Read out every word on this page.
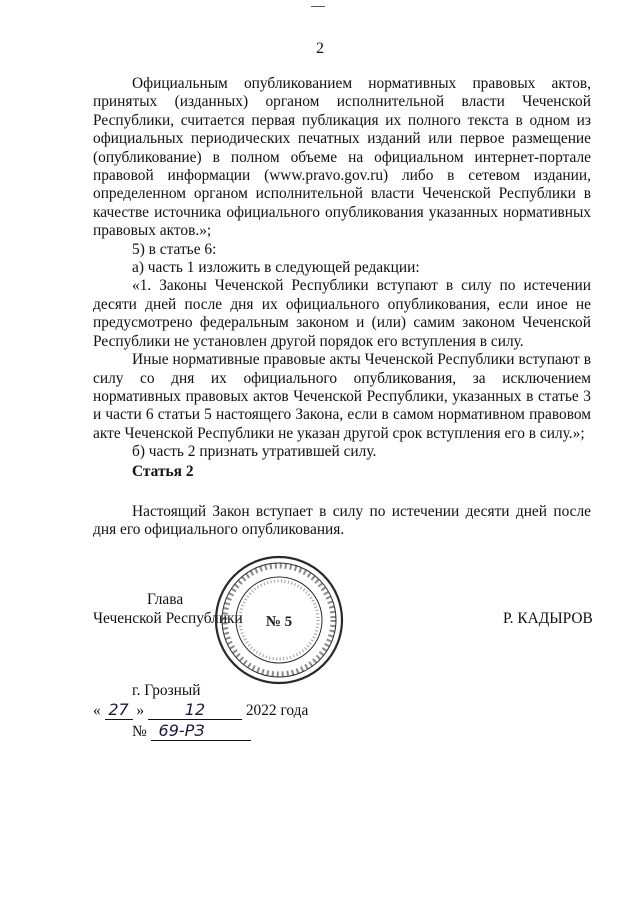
2

Официальным опубликованием нормативных правовых актов, принятых (изданных) органом исполнительной власти Чеченской Республики, считается первая публикация их полного текста в одном из официальных периодических печатных изданий или первое размещение (опубликование) в полном объеме на официальном интернет-портале правовой информации (www.pravo.gov.ru) либо в сетевом издании, определенном органом исполнительной власти Чеченской Республики в качестве источника официального опубликования указанных нормативных правовых актов.»;

5) в статье 6:

а) часть 1 изложить в следующей редакции:

«1. Законы Чеченской Республики вступают в силу по истечении десяти дней после дня их официального опубликования, если иное не предусмотрено федеральным законом и (или) самим законом Чеченской Республики не установлен другой порядок его вступления в силу.

Иные нормативные правовые акты Чеченской Республики вступают в силу со дня их официального опубликования, за исключением нормативных правовых актов Чеченской Республики, указанных в статье 3 и части 6 статьи 5 настоящего Закона, если в самом нормативном правовом акте Чеченской Республики не указан другой срок вступления его в силу.»;

б) часть 2 признать утратившей силу.

Статья 2

Настоящий Закон вступает в силу по истечении десяти дней после дня его официального опубликования.

Глава
Чеченской Республики	Р. КАДЫРОВ
№ 5
г. Грозный
« 27 »	12	2022 года
№ 69-РЗ
